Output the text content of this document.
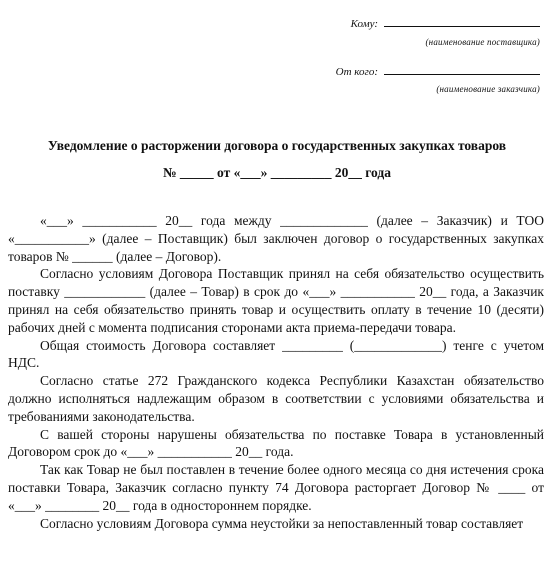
Кому:
(наименование поставщика)
От кого:
(наименование заказчика)
Уведомление о расторжении договора о государственных закупках товаров
№ _____ от «___» _________ 20__ года

«___» ___________ 20__ года между _____________ (далее – Заказчик) и ТОО «___________» (далее – Поставщик) был заключен договор о государственных закупках товаров № ______ (далее – Договор).

Согласно условиям Договора Поставщик принял на себя обязательство осуществить поставку ____________ (далее – Товар) в срок до «___» ___________ 20__ года, а Заказчик принял на себя обязательство принять товар и осуществить оплату в течение 10 (десяти) рабочих дней с момента подписания сторонами акта приема-передачи товара.

Общая стоимость Договора составляет _________ (_____________) тенге с учетом НДС.

Согласно статье 272 Гражданского кодекса Республики Казахстан обязательство должно исполняться надлежащим образом в соответствии с условиями обязательства и требованиями законодательства.

С вашей стороны нарушены обязательства по поставке Товара в установленный Договором срок до «___» ___________ 20__ года.

Так как Товар не был поставлен в течение более одного месяца со дня истечения срока поставки Товара, Заказчик согласно пункту 74 Договора расторгает Договор № ____ от «___» ________ 20__ года в одностороннем порядке.

Согласно условиям Договора сумма неустойки за непоставленный товар составляет
